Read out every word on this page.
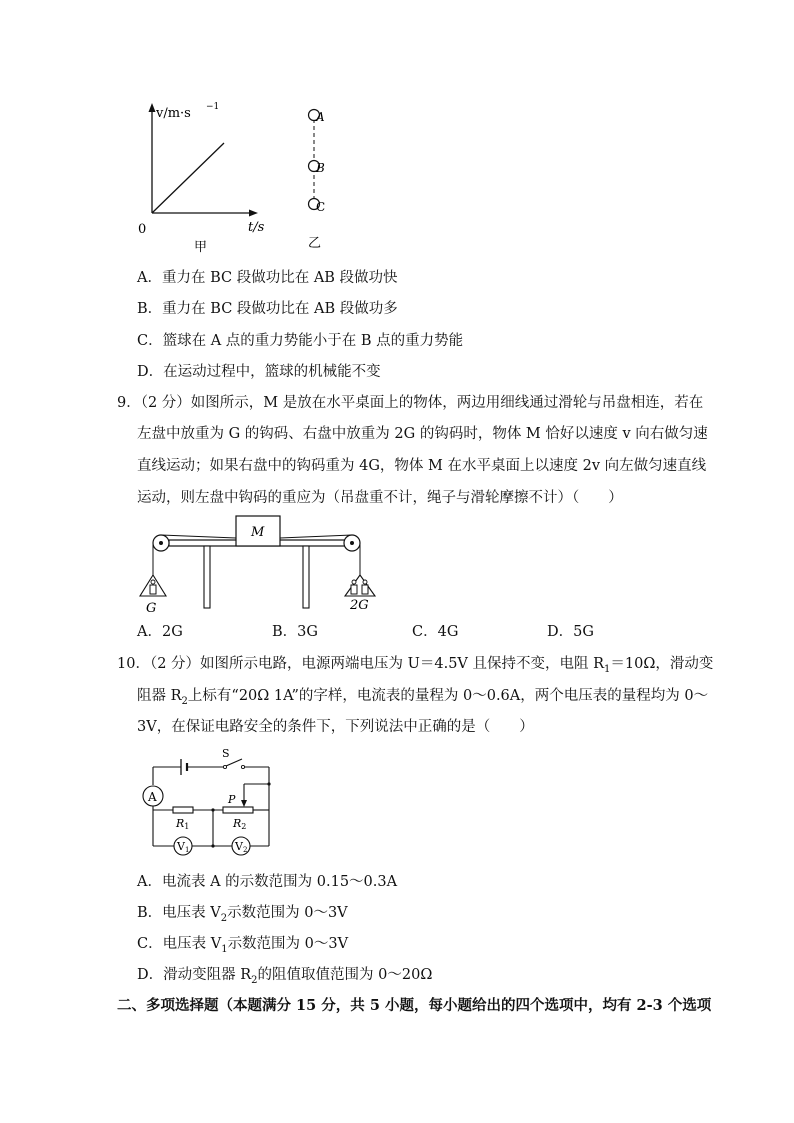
v/m·s −1
t/s
0
甲
A
B
C
乙
A．重力在 BC 段做功比在 AB 段做功快
B．重力在 BC 段做功比在 AB 段做功多
C．篮球在 A 点的重力势能小于在 B 点的重力势能
D．在运动过程中，篮球的机械能不变
9．（2 分）如图所示，M 是放在水平桌面上的物体，两边用细线通过滑轮与吊盘相连，若在
左盘中放重为 G 的钩码、右盘中放重为 2G 的钩码时，物体 M 恰好以速度 v 向右做匀速
直线运动；如果右盘中的钩码重为 4G，物体 M 在水平桌面上以速度 2v 向左做匀速直线
运动，则左盘中钩码的重应为（吊盘重不计，绳子与滑轮摩擦不计）（　　）
M
G	2G
A．2G	B．3G	C．4G	D．5G
10．（2 分）如图所示电路，电源两端电压为 U＝4.5V 且保持不变，电阻 $R_1=10\Omega$，滑动变
阻器 $R_2$上标有“20Ω 1A”的字样，电流表的量程为 0～0.6A，两个电压表的量程均为 0～
3V，在保证电路安全的条件下，下列说法中正确的是（　　）
S
A	P
R1	R2
V1	V2
A．电流表 A 的示数范围为 0.15～0.3A
B．电压表 $V_2$示数范围为 0～3V
C．电压表 $V_1$示数范围为 0～3V
D．滑动变阻器 $R_2$的阻值取值范围为 0～20Ω
二、多项选择题（本题满分 15 分，共 5 小题，每小题给出的四个选项中，均有 2-3 个选项
